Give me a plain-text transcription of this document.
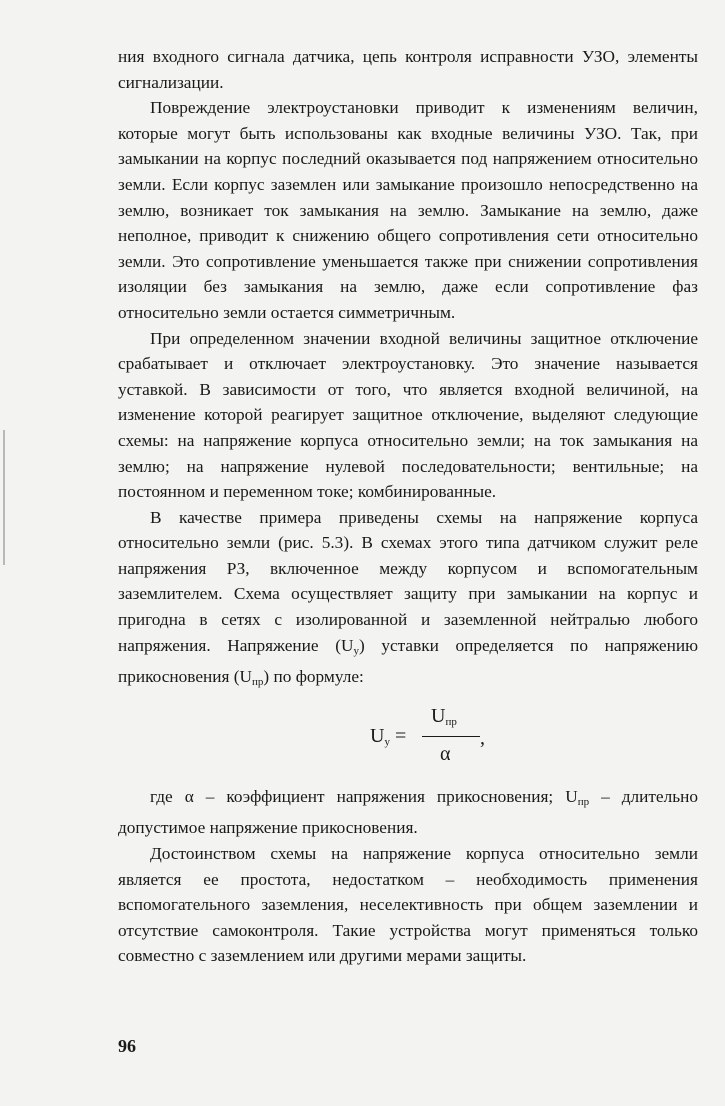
ния входного сигнала датчика, цепь контроля исправности УЗО, элементы сигнализации.

Повреждение электроустановки приводит к изменениям величин, которые могут быть использованы как входные величины УЗО. Так, при замыкании на корпус последний оказывается под напряжением относительно земли. Если корпус заземлен или замыкание произошло непосредственно на землю, возникает ток замыкания на землю. Замыкание на землю, даже неполное, приводит к снижению общего сопротивления сети относительно земли. Это сопротивление уменьшается также при снижении сопротивления изоляции без замыкания на землю, даже если сопротивление фаз относительно земли остается симметричным.

При определенном значении входной величины защитное отключение срабатывает и отключает электроустановку. Это значение называется уставкой. В зависимости от того, что является входной величиной, на изменение которой реагирует защитное отключение, выделяют следующие схемы: на напряжение корпуса относительно земли; на ток замыкания на землю; на напряжение нулевой последовательности; вентильные; на постоянном и переменном токе; комбинированные.

В качестве примера приведены схемы на напряжение корпуса относительно земли (рис. 5.3). В схемах этого типа датчиком служит реле напряжения РЗ, включенное между корпусом и вспомогательным заземлителем. Схема осуществляет защиту при замыкании на корпус и пригодна в сетях с изолированной и заземленной нейтралью любого напряжения. Напряжение $(U_у)$ уставки определяется по напряжению прикосновения $(U_{пр})$ по формуле:

$U_у$ =
$U_{пр}$
α
,

где α – коэффициент напряжения прикосновения; $U_{пр}$ – длительно допустимое напряжение прикосновения.

Достоинством схемы на напряжение корпуса относительно земли является ее простота, недостатком – необходимость применения вспомогательного заземления, неселективность при общем заземлении и отсутствие самоконтроля. Такие устройства могут применяться только совместно с заземлением или другими мерами защиты.

96
